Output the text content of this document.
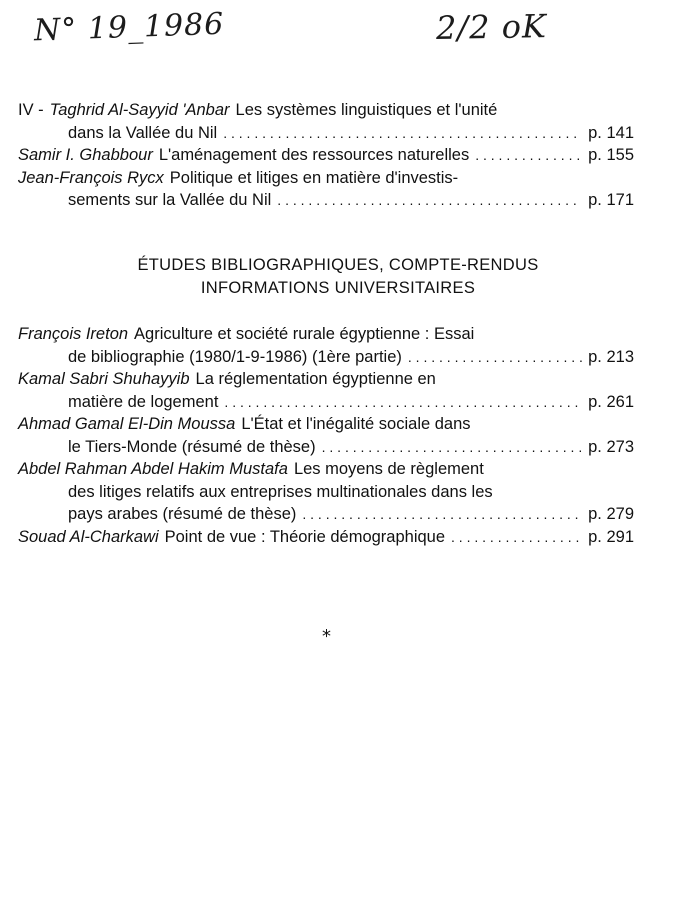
N° 19_1986	2/2 oK
IV - Taghrid Al-Sayyid 'Anbar Les systèmes linguistiques et l'unité
dans la Vallée du Nil . . .	p. 141
Samir I. Ghabbour L'aménagement des ressources naturelles . . .	p. 155
Jean-François Rycx Politique et litiges en matière d'investis-
sements sur la Vallée du Nil . . .	p. 171
ÉTUDES BIBLIOGRAPHIQUES, COMPTE-RENDUS
INFORMATIONS UNIVERSITAIRES
François Ireton Agriculture et société rurale égyptienne : Essai
de bibliographie (1980/1-9-1986) (1ère partie) . . .	p. 213
Kamal Sabri Shuhayyib La réglementation égyptienne en
matière de logement . . .	p. 261
Ahmad Gamal El-Din Moussa L'État et l'inégalité sociale dans
le Tiers-Monde (résumé de thèse) . . .	p. 273
Abdel Rahman Abdel Hakim Mustafa Les moyens de règlement
des litiges relatifs aux entreprises multinationales dans les
pays arabes (résumé de thèse) . . .	p. 279
Souad Al-Charkawi Point de vue : Théorie démographique . . .	p. 291
*
